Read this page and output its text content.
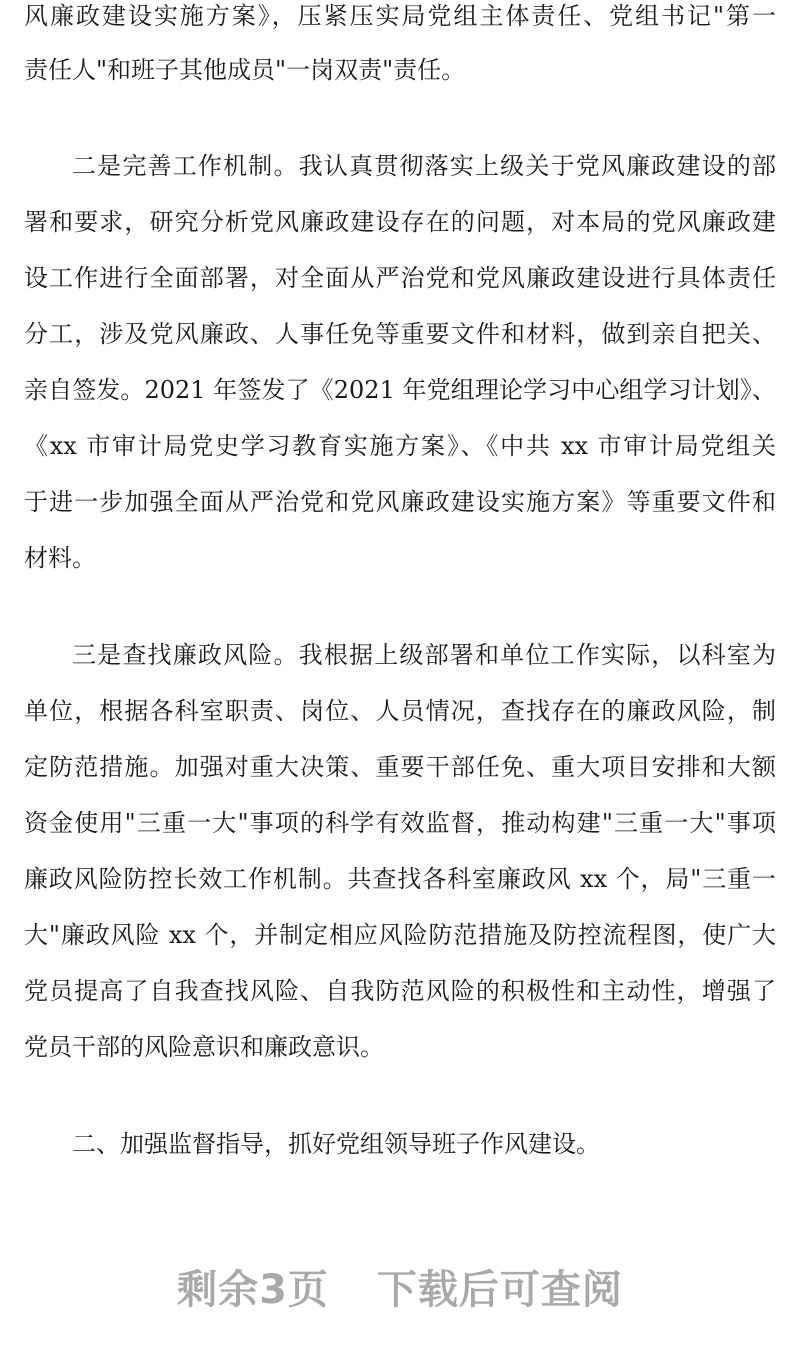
风廉政建设实施方案》，压紧压实局党组主体责任、党组书记"第一
责任人"和班子其他成员"一岗双责"责任。
二是完善工作机制。我认真贯彻落实上级关于党风廉政建设的部
署和要求，研究分析党风廉政建设存在的问题，对本局的党风廉政建
设工作进行全面部署，对全面从严治党和党风廉政建设进行具体责任
分工，涉及党风廉政、人事任免等重要文件和材料，做到亲自把关、
亲自签发。2021 年签发了《2021 年党组理论学习中心组学习计划》、
《xx 市审计局党史学习教育实施方案》、《中共 xx 市审计局党组关
于进一步加强全面从严治党和党风廉政建设实施方案》等重要文件和
材料。
三是查找廉政风险。我根据上级部署和单位工作实际，以科室为
单位，根据各科室职责、岗位、人员情况，查找存在的廉政风险，制
定防范措施。加强对重大决策、重要干部任免、重大项目安排和大额
资金使用"三重一大"事项的科学有效监督，推动构建"三重一大"事项
廉政风险防控长效工作机制。共查找各科室廉政风 xx 个，局"三重一
大"廉政风险 xx 个，并制定相应风险防范措施及防控流程图，使广大
党员提高了自我查找风险、自我防范风险的积极性和主动性，增强了
党员干部的风险意识和廉政意识。
二、加强监督指导，抓好党组领导班子作风建设。
剩余3页 下载后可查阅
